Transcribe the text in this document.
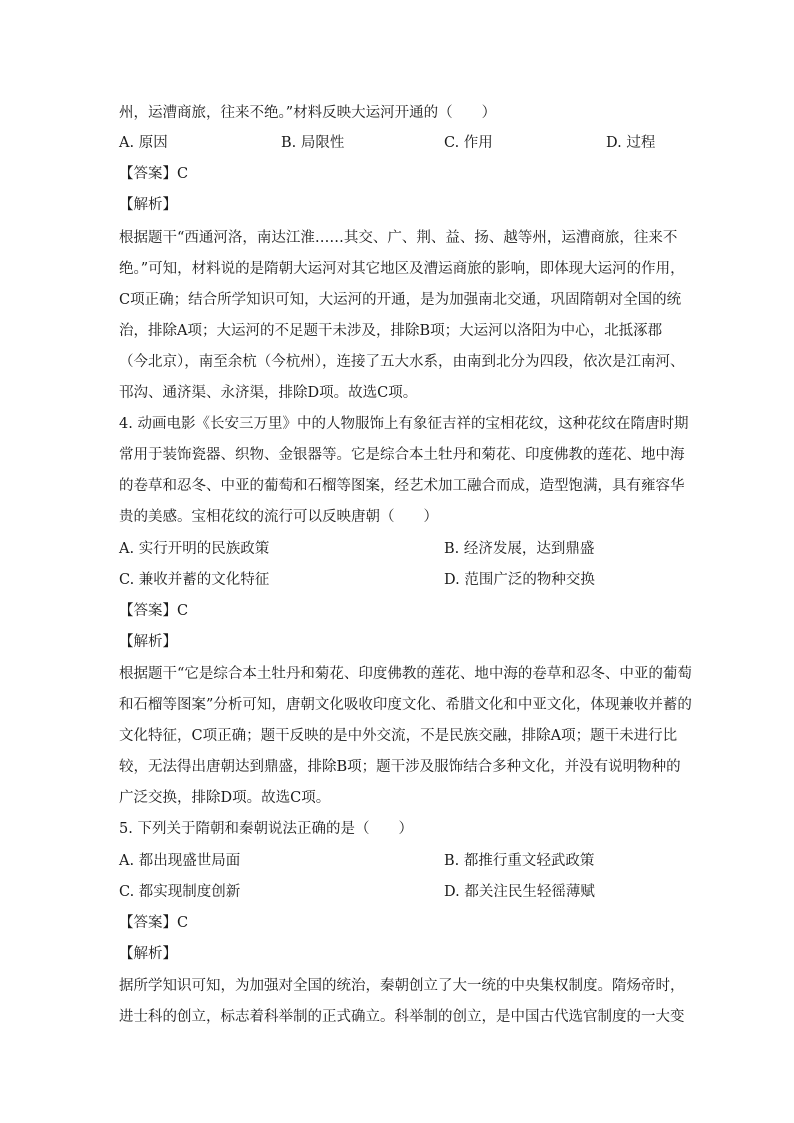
州，运漕商旅，往来不绝。”材料反映大运河开通的（　　）
A. 原因	B. 局限性	C. 作用	D. 过程
【答案】C
【解析】
根据题干“西通河洛，南达江淮……其交、广、荆、益、扬、越等州，运漕商旅，往来不
绝。”可知，材料说的是隋朝大运河对其它地区及漕运商旅的影响，即体现大运河的作用，
C项正确；结合所学知识可知，大运河的开通，是为加强南北交通，巩固隋朝对全国的统
治，排除A项；大运河的不足题干未涉及，排除B项；大运河以洛阳为中心，北抵涿郡
（今北京），南至余杭（今杭州），连接了五大水系，由南到北分为四段，依次是江南河、
邗沟、通济渠、永济渠，排除D项。故选C项。
4. 动画电影《长安三万里》中的人物服饰上有象征吉祥的宝相花纹，这种花纹在隋唐时期
常用于装饰瓷器、织物、金银器等。它是综合本土牡丹和菊花、印度佛教的莲花、地中海
的卷草和忍冬、中亚的葡萄和石榴等图案，经艺术加工融合而成，造型饱满，具有雍容华
贵的美感。宝相花纹的流行可以反映唐朝（　　）
A. 实行开明的民族政策	B. 经济发展，达到鼎盛
C. 兼收并蓄的文化特征	D. 范围广泛的物种交换
【答案】C
【解析】
根据题干“它是综合本土牡丹和菊花、印度佛教的莲花、地中海的卷草和忍冬、中亚的葡萄
和石榴等图案”分析可知，唐朝文化吸收印度文化、希腊文化和中亚文化，体现兼收并蓄的
文化特征，C项正确；题干反映的是中外交流，不是民族交融，排除A项；题干未进行比
较，无法得出唐朝达到鼎盛，排除B项；题干涉及服饰结合多种文化，并没有说明物种的
广泛交换，排除D项。故选C项。
5. 下列关于隋朝和秦朝说法正确的是（　　）
A. 都出现盛世局面	B. 都推行重文轻武政策
C. 都实现制度创新	D. 都关注民生轻徭薄赋
【答案】C
【解析】
据所学知识可知，为加强对全国的统治，秦朝创立了大一统的中央集权制度。隋炀帝时，
进士科的创立，标志着科举制的正式确立。科举制的创立，是中国古代选官制度的一大变
